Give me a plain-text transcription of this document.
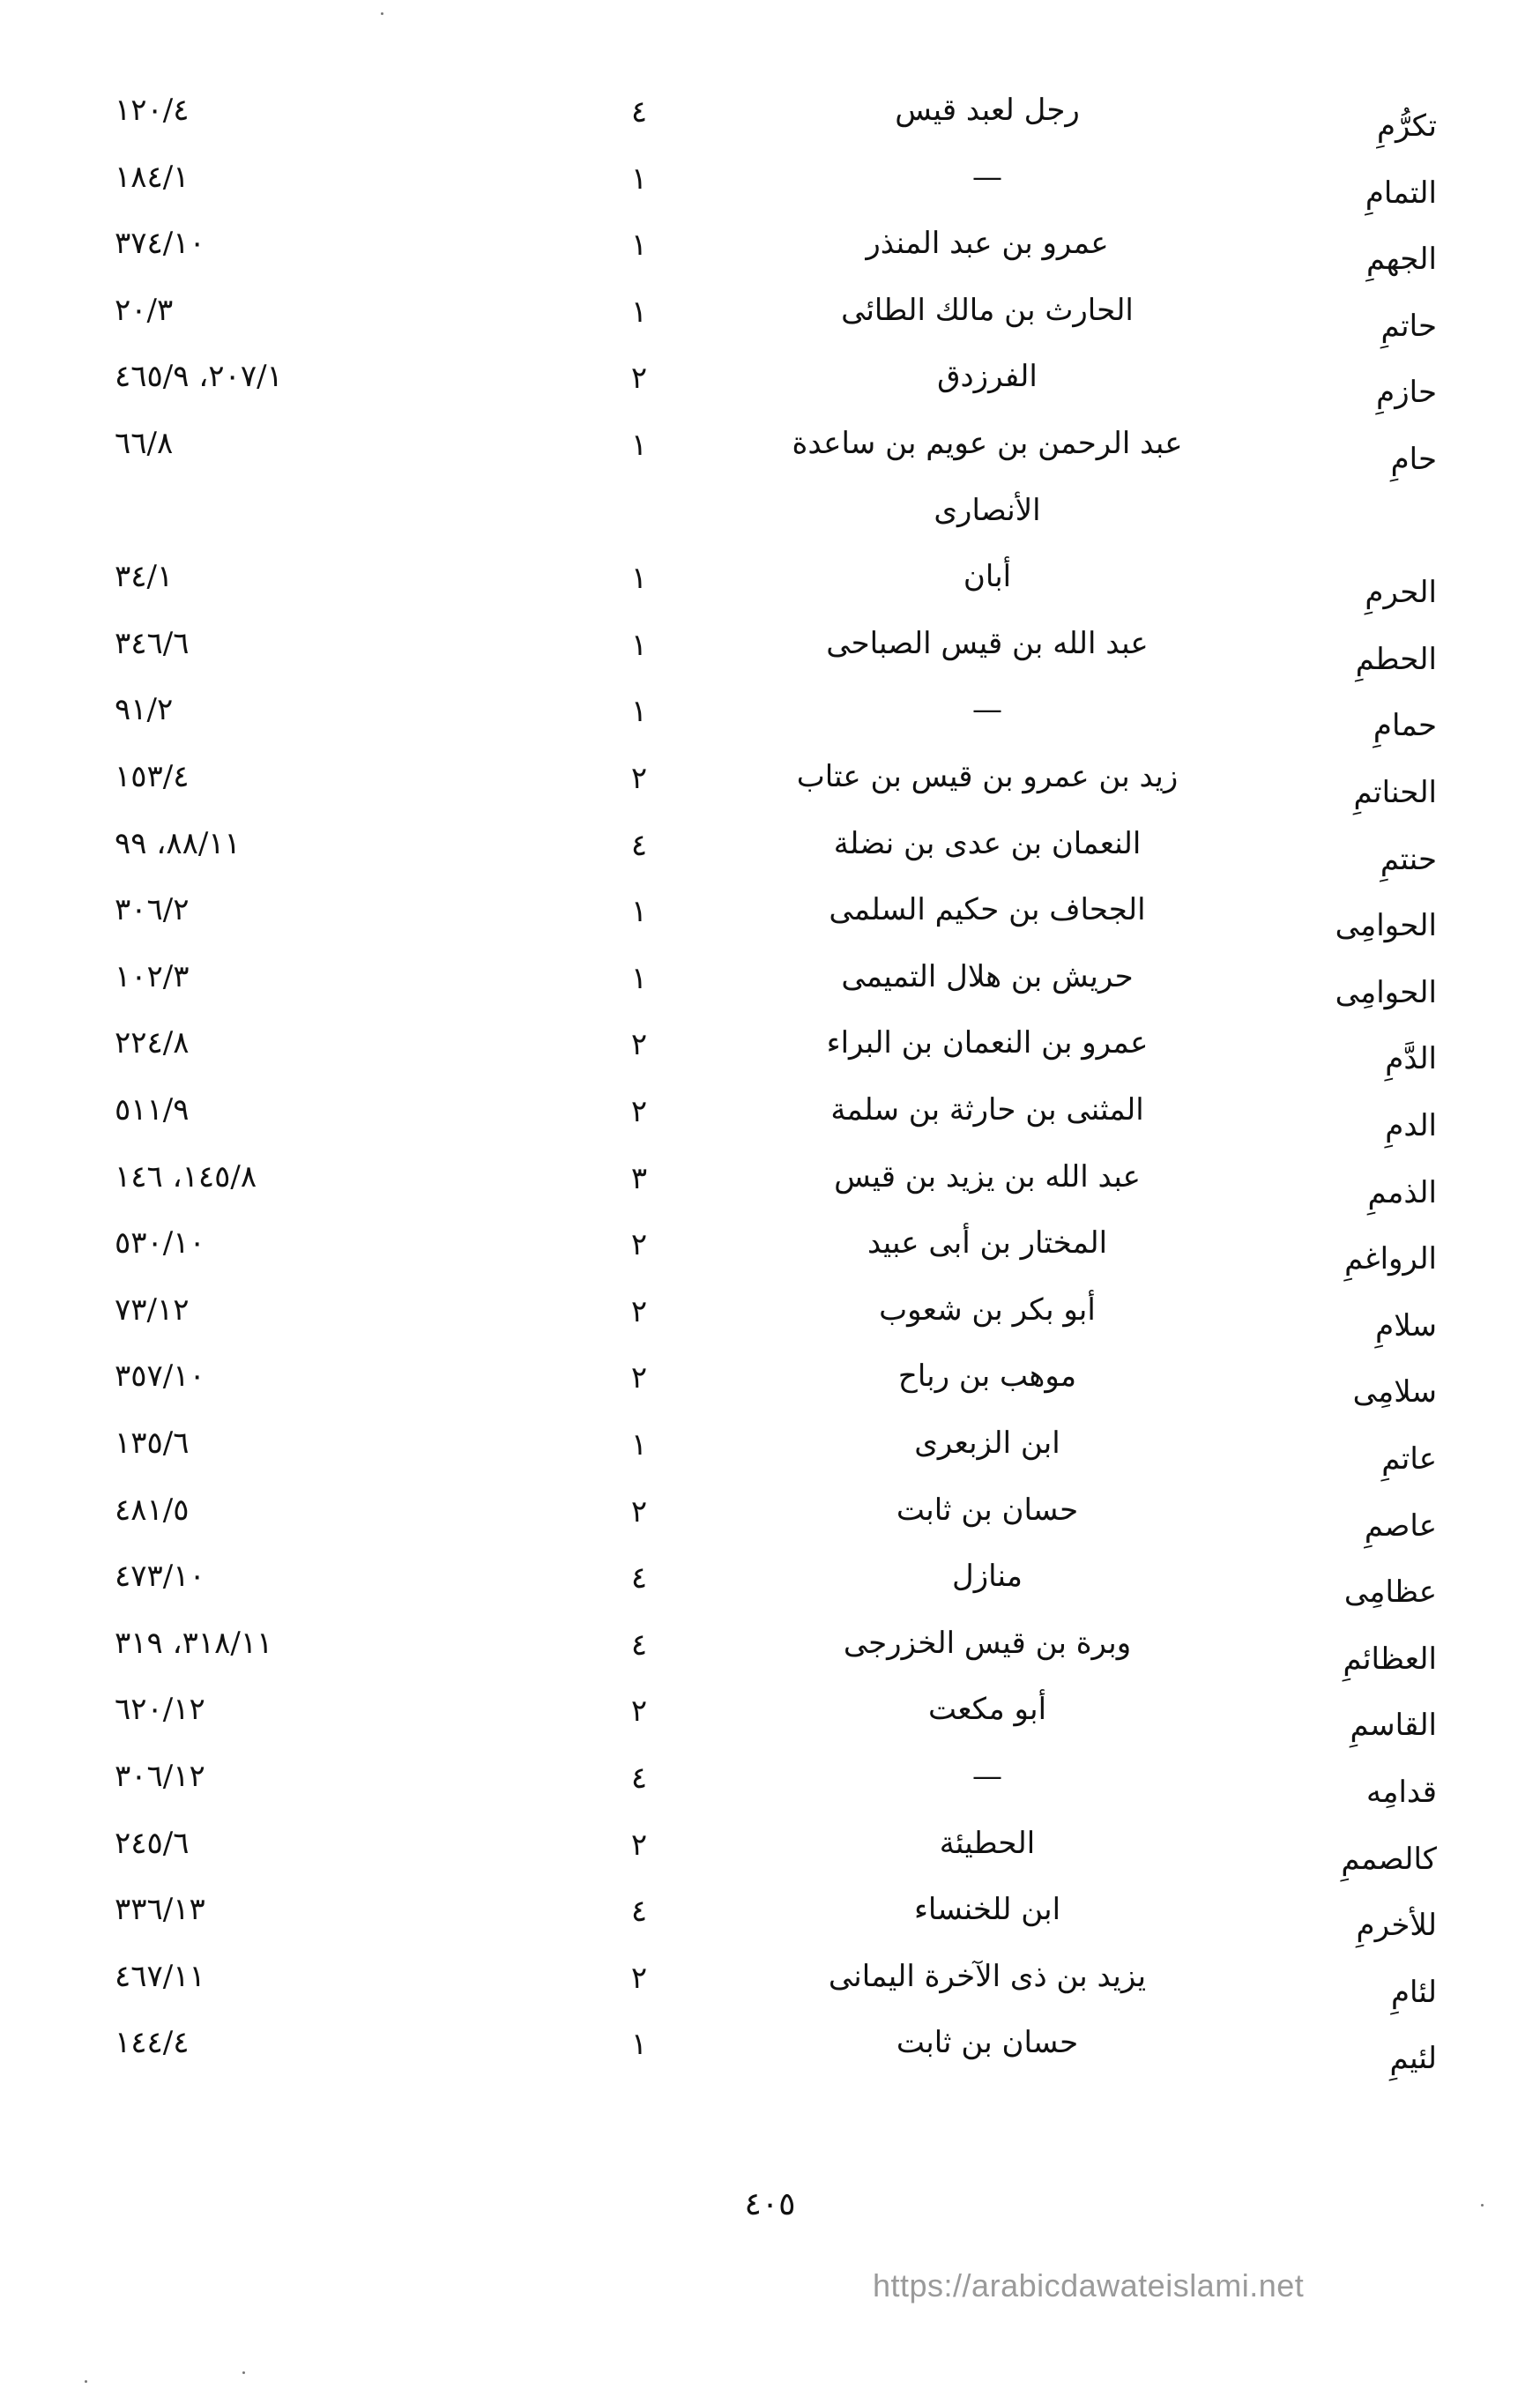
تكرُّمِ
رجل لعبد قيس
٤
١٢٠/٤
التمامِ
—
١
١٨٤/١
الجهمِ
عمرو بن عبد المنذر
١
٣٧٤/١٠
حاتمِ
الحارث بن مالك الطائى
١
٢٠/٣
حازمِ
الفرزدق
٢
٢٠٧/١، ٤٦٥/٩
حامِ
عبد الرحمن بن عويم بن ساعدة
١
٦٦/٨
الأنصارى
الحرمِ
أبان
١
٣٤/١
الحطمِ
عبد الله بن قيس الصباحى
١
٣٤٦/٦
حمامِ
—
١
٩١/٢
الحناتمِ
زيد بن عمرو بن قيس بن عتاب
٢
١٥٣/٤
حنتمِ
النعمان بن عدى بن نضلة
٤
٨٨/١١، ٩٩
الحوامِى
الجحاف بن حكيم السلمى
١
٣٠٦/٢
الحوامِى
حريش بن هلال التميمى
١
١٠٢/٣
الدَّمِ
عمرو بن النعمان بن البراء
٢
٢٢٤/٨
الدمِ
المثنى بن حارثة بن سلمة
٢
٥١١/٩
الذممِ
عبد الله بن يزيد بن قيس
٣
١٤٥/٨، ١٤٦
الرواغمِ
المختار بن أبى عبيد
٢
٥٣٠/١٠
سلامِ
أبو بكر بن شعوب
٢
٧٣/١٢
سلامِى
موهب بن رباح
٢
٣٥٧/١٠
عاتمِ
ابن الزبعرى
١
١٣٥/٦
عاصمِ
حسان بن ثابت
٢
٤٨١/٥
عظامِى
منازل
٤
٤٧٣/١٠
العظائمِ
وبرة بن قيس الخزرجى
٤
٣١٨/١١، ٣١٩
القاسمِ
أبو مكعت
٢
٦٢٠/١٢
قدامِه
—
٤
٣٠٦/١٢
كالصممِ
الحطيئة
٢
٢٤٥/٦
للأخرمِ
ابن للخنساء
٤
٣٣٦/١٣
لئامِ
يزيد بن ذى الآخرة اليمانى
٢
٤٦٧/١١
لئيمِ
حسان بن ثابت
١
١٤٤/٤
٤٠٥
https://arabicdawateislami.net
